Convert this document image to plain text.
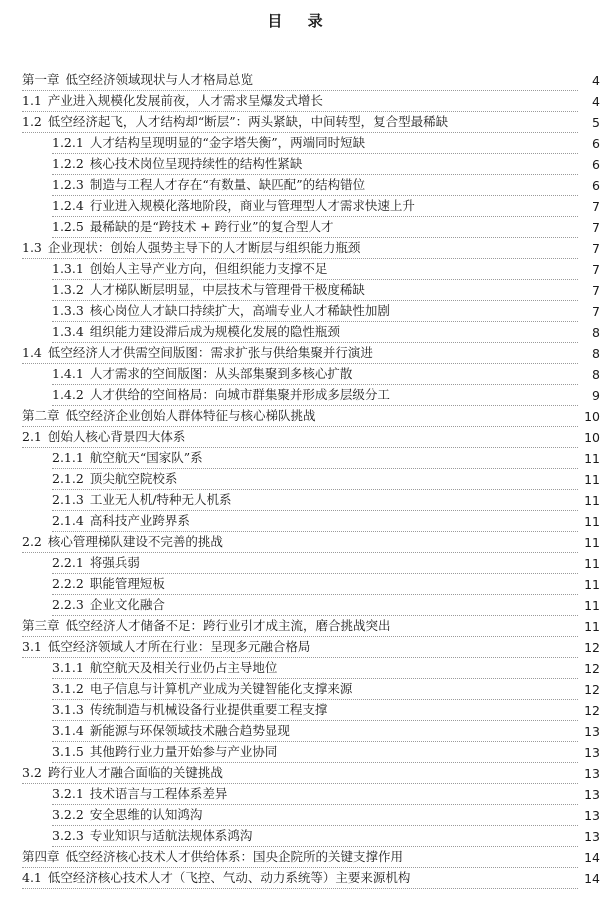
目 录
第一章 低空经济领域现状与人才格局总览	4
1.1 产业进入规模化发展前夜，人才需求呈爆发式增长	4
1.2 低空经济起飞，人才结构却“断层”：两头紧缺，中间转型，复合型最稀缺	5
1.2.1 人才结构呈现明显的“金字塔失衡”，两端同时短缺	6
1.2.2 核心技术岗位呈现持续性的结构性紧缺	6
1.2.3 制造与工程人才存在“有数量、缺匹配”的结构错位	6
1.2.4 行业进入规模化落地阶段，商业与管理型人才需求快速上升	7
1.2.5 最稀缺的是“跨技术 + 跨行业”的复合型人才	7
1.3 企业现状：创始人强势主导下的人才断层与组织能力瓶颈	7
1.3.1 创始人主导产业方向，但组织能力支撑不足	7
1.3.2 人才梯队断层明显，中层技术与管理骨干极度稀缺	7
1.3.3 核心岗位人才缺口持续扩大，高端专业人才稀缺性加剧	7
1.3.4 组织能力建设滞后成为规模化发展的隐性瓶颈	8
1.4 低空经济人才供需空间版图：需求扩张与供给集聚并行演进	8
1.4.1 人才需求的空间版图：从头部集聚到多核心扩散	8
1.4.2 人才供给的空间格局：向城市群集聚并形成多层级分工	9
第二章 低空经济企业创始人群体特征与核心梯队挑战	10
2.1 创始人核心背景四大体系	10
2.1.1 航空航天“国家队”系	11
2.1.2 顶尖航空院校系	11
2.1.3 工业无人机/特种无人机系	11
2.1.4 高科技产业跨界系	11
2.2 核心管理梯队建设不完善的挑战	11
2.2.1 将强兵弱	11
2.2.2 职能管理短板	11
2.2.3 企业文化融合	11
第三章 低空经济人才储备不足：跨行业引才成主流，磨合挑战突出	11
3.1 低空经济领域人才所在行业：呈现多元融合格局	12
3.1.1 航空航天及相关行业仍占主导地位	12
3.1.2 电子信息与计算机产业成为关键智能化支撑来源	12
3.1.3 传统制造与机械设备行业提供重要工程支撑	12
3.1.4 新能源与环保领域技术融合趋势显现	13
3.1.5 其他跨行业力量开始参与产业协同	13
3.2 跨行业人才融合面临的关键挑战	13
3.2.1 技术语言与工程体系差异	13
3.2.2 安全思维的认知鸿沟	13
3.2.3 专业知识与适航法规体系鸿沟	13
第四章 低空经济核心技术人才供给体系：国央企院所的关键支撑作用	14
4.1 低空经济核心技术人才（飞控、气动、动力系统等）主要来源机构	14
